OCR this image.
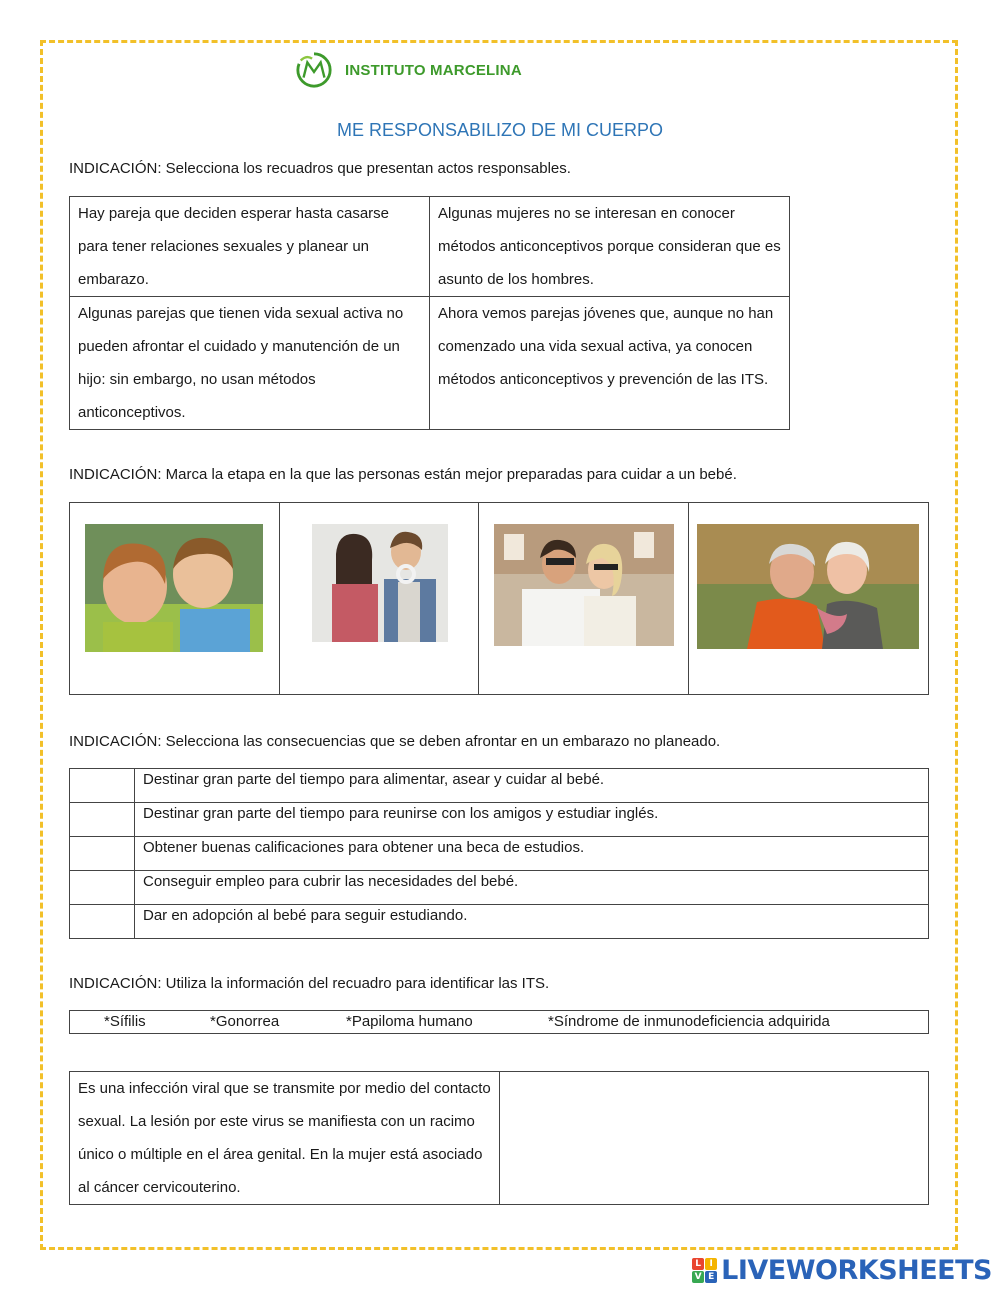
INSTITUTO MARCELINA
ME RESPONSABILIZO DE MI CUERPO
INDICACIÓN: Selecciona los recuadros que presentan actos responsables.
Hay pareja que deciden esperar hasta casarse para tener relaciones sexuales y planear un embarazo.	Algunas mujeres no se interesan en conocer métodos anticonceptivos porque consideran que es asunto de los hombres.
Algunas parejas que tienen vida sexual activa no pueden afrontar el cuidado y manutención de un hijo: sin embargo, no usan métodos anticonceptivos.	Ahora vemos parejas jóvenes que, aunque no han comenzado una vida sexual activa, ya conocen métodos anticonceptivos y prevención de las ITS.
INDICACIÓN: Marca la etapa en la que las personas están mejor preparadas para cuidar a un bebé.

INDICACIÓN: Selecciona las consecuencias que se deben afrontar en un embarazo no planeado.
	Destinar gran parte del tiempo para alimentar, asear y cuidar al bebé.
	Destinar gran parte del tiempo para reunirse con los amigos y estudiar inglés.
	Obtener buenas calificaciones para obtener una beca de estudios.
	Conseguir empleo para cubrir las necesidades del bebé.
	Dar en adopción al bebé para seguir estudiando.
INDICACIÓN: Utiliza la información del recuadro para identificar las ITS.
*Sífilis	*Gonorrea	*Papiloma humano	*Síndrome de inmunodeficiencia adquirida
Es una infección viral que se transmite por medio del contacto sexual. La lesión por este virus se manifiesta con un racimo único o múltiple en el área genital. En la mujer está asociado al cáncer cervicouterino.	
L I
V E LIVEWORKSHEETS
